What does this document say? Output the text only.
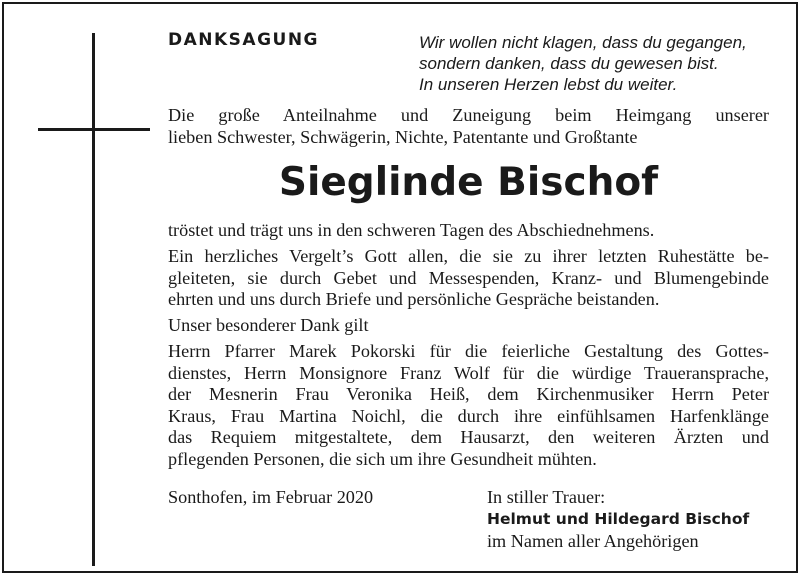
DANKSAGUNG	Wir wollen nicht klagen, dass du gegangen,
sondern danken, dass du gewesen bist.
In unseren Herzen lebst du weiter.
Die große Anteilnahme und Zuneigung beim Heimgang unserer
lieben Schwester, Schwägerin, Nichte, Patentante und Großtante
Sieglinde Bischof
tröstet und trägt uns in den schweren Tagen des Abschiednehmens.
Ein herzliches Vergelt’s Gott allen, die sie zu ihrer letzten Ruhestätte be-
gleiteten, sie durch Gebet und Messespenden, Kranz- und Blumengebinde
ehrten und uns durch Briefe und persönliche Gespräche beistanden.
Unser besonderer Dank gilt
Herrn Pfarrer Marek Pokorski für die feierliche Gestaltung des Gottes-
dienstes, Herrn Monsignore Franz Wolf für die würdige Traueransprache,
der Mesnerin Frau Veronika Heiß, dem Kirchenmusiker Herrn Peter
Kraus, Frau Martina Noichl, die durch ihre einfühlsamen Harfenklänge
das Requiem mitgestaltete, dem Hausarzt, den weiteren Ärzten und
pflegenden Personen, die sich um ihre Gesundheit mühten.
Sonthofen, im Februar 2020	In stiller Trauer:
Helmut und Hildegard Bischof
im Namen aller Angehörigen
